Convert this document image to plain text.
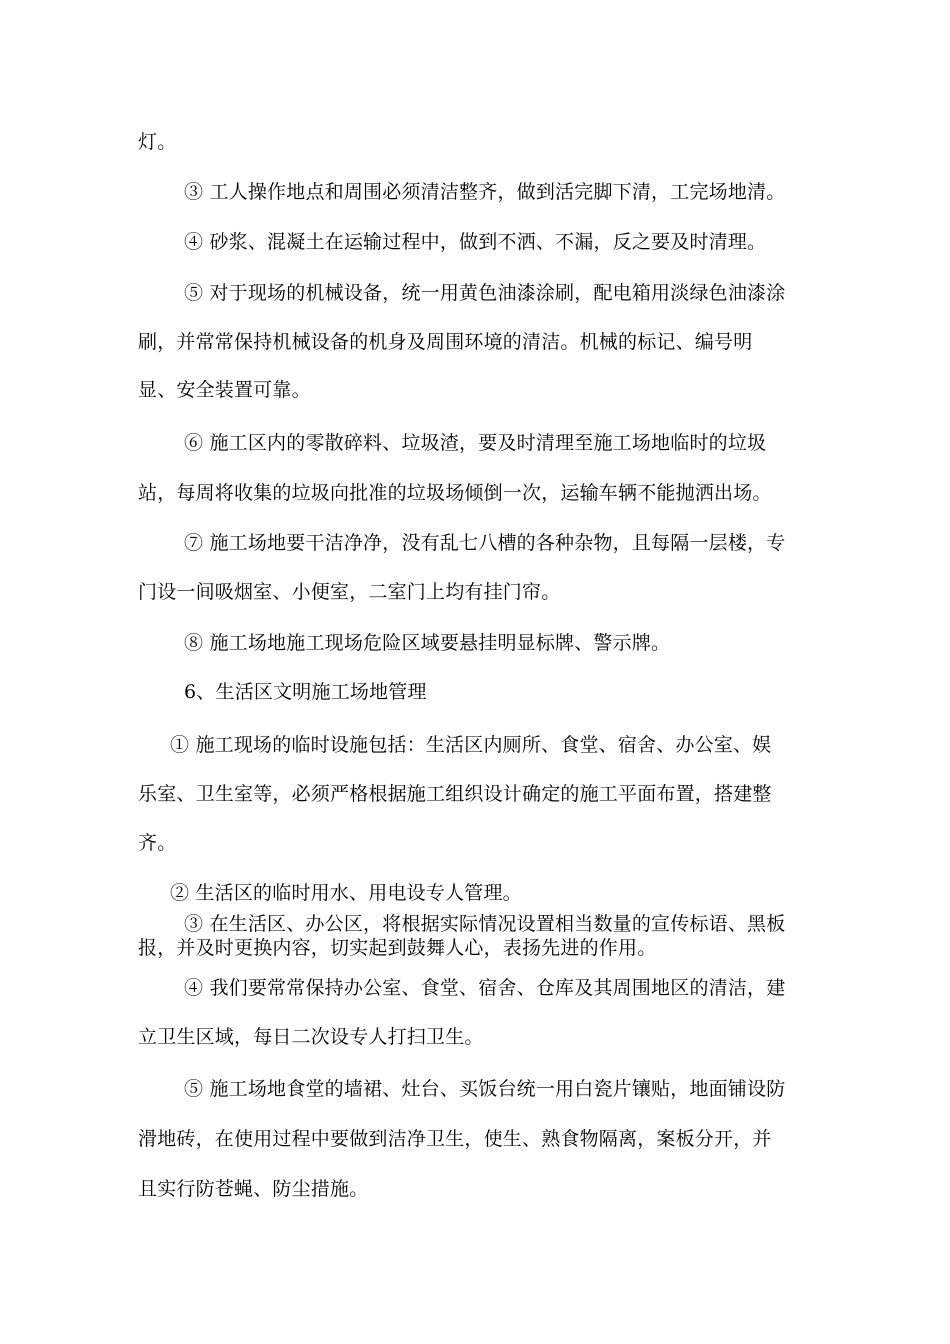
灯。
③ 工人操作地点和周围必须清洁整齐，做到活完脚下清，工完场地清。
④ 砂浆、混凝土在运输过程中，做到不洒、不漏，反之要及时清理。
⑤ 对于现场的机械设备，统一用黄色油漆涂刷，配电箱用淡绿色油漆涂
刷，并常常保持机械设备的机身及周围环境的清洁。机械的标记、编号明
显、安全装置可靠。
⑥ 施工区内的零散碎料、垃圾渣，要及时清理至施工场地临时的垃圾
站，每周将收集的垃圾向批准的垃圾场倾倒一次，运输车辆不能抛洒出场。
⑦ 施工场地要干洁净净，没有乱七八槽的各种杂物，且每隔一层楼，专
门设一间吸烟室、小便室，二室门上均有挂门帘。
⑧ 施工场地施工现场危险区域要悬挂明显标牌、警示牌。
6、生活区文明施工场地管理
① 施工现场的临时设施包括：生活区内厕所、食堂、宿舍、办公室、娱
乐室、卫生室等，必须严格根据施工组织设计确定的施工平面布置，搭建整
齐。
② 生活区的临时用水、用电设专人管理。
③ 在生活区、办公区，将根据实际情况设置相当数量的宣传标语、黑板
报，并及时更换内容，切实起到鼓舞人心，表扬先进的作用。
④ 我们要常常保持办公室、食堂、宿舍、仓库及其周围地区的清洁，建
立卫生区域，每日二次设专人打扫卫生。
⑤ 施工场地食堂的墙裙、灶台、买饭台统一用白瓷片镶贴，地面铺设防
滑地砖，在使用过程中要做到洁净卫生，使生、熟食物隔离，案板分开，并
且实行防苍蝇、防尘措施。
